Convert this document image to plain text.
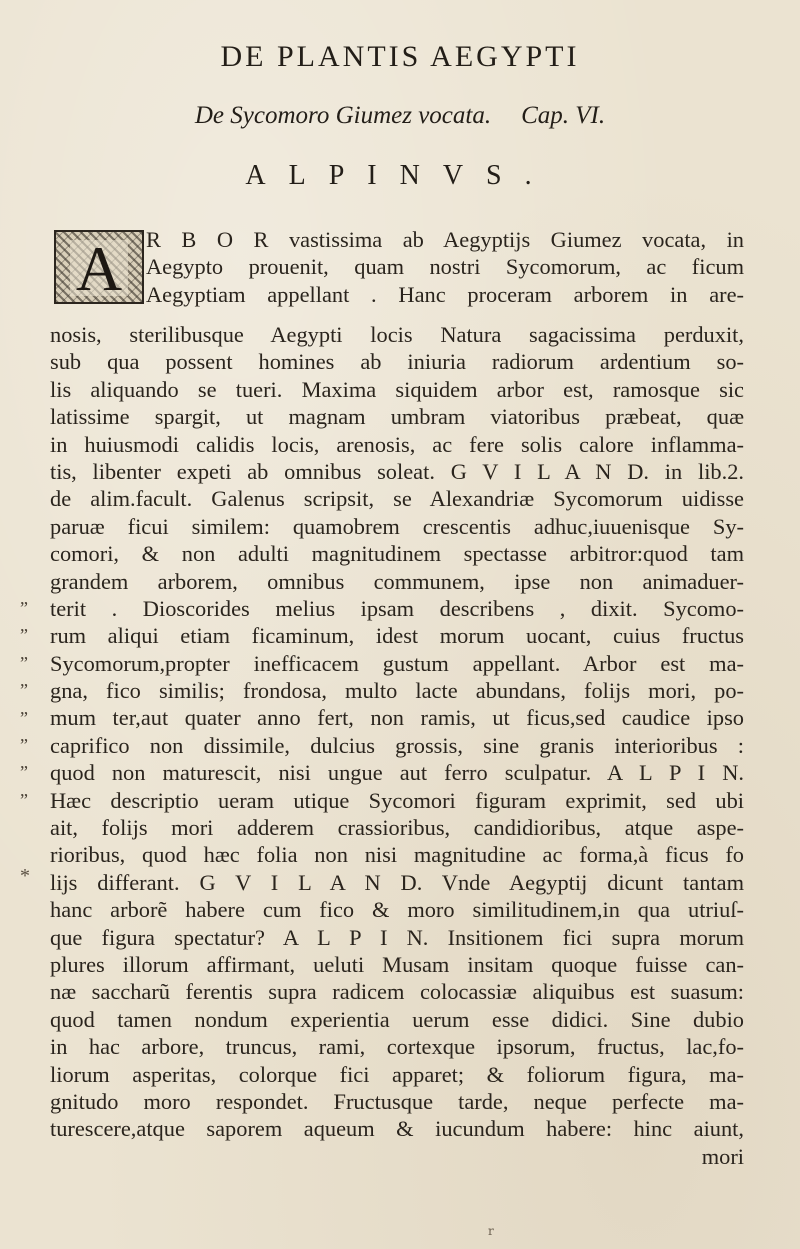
DE PLANTIS AEGYPTI
De Sycomoro Giumez vocata. Cap. VI.
ALPINVS.
A R B O R vastissima ab Aegyptijs Giumez vocata, in
Aegypto prouenit, quam nostri Sycomorum, ac ficum
Aegyptiam appellant . Hanc proceram arborem in are-
nosis, sterilibusque Aegypti locis Natura sagacissima perduxit,
sub qua possent homines ab iniuria radiorum ardentium so-
lis aliquando se tueri. Maxima siquidem arbor est, ramosque sic
latissime spargit, ut magnam umbram viatoribus præbeat, quæ
in huiusmodi calidis locis, arenosis, ac fere solis calore inflamma-
tis, libenter expeti ab omnibus soleat. G V I L A N D. in lib.2.
de alim.facult. Galenus scripsit, se Alexandriæ Sycomorum uidisse
paruæ ficui similem: quamobrem crescentis adhuc,iuuenisque Sy-
comori, & non adulti magnitudinem spectasse arbitror:quod tam
grandem arborem, omnibus communem, ipse non animaduer-
terit . Dioscorides melius ipsam describens , dixit. Sycomo-
rum aliqui etiam ficaminum, idest morum uocant, cuius fructus
Sycomorum,propter inefficacem gustum appellant. Arbor est ma-
gna, fico similis; frondosa, multo lacte abundans, folijs mori, po-
mum ter,aut quater anno fert, non ramis, ut ficus,sed caudice ipso
caprifico non dissimile, dulcius grossis, sine granis interioribus :
quod non maturescit, nisi ungue aut ferro sculpatur. A L P I N.
Hæc descriptio ueram utique Sycomori figuram exprimit, sed ubi
ait, folijs mori adderem crassioribus, candidioribus, atque aspe-
rioribus, quod hæc folia non nisi magnitudine ac forma,à ficus fo
lijs differant. G V I L A N D. Vnde Aegyptij dicunt tantam
hanc arborẽ habere cum fico & moro similitudinem,in qua utriuſ-
que figura spectatur? A L P I N. Insitionem fici supra morum
plures illorum affirmant, ueluti Musam insitam quoque fuisse can-
næ saccharũ ferentis supra radicem colocassiæ aliquibus est suasum:
quod tamen nondum experientia uerum esse didici. Sine dubio
in hac arbore, truncus, rami, cortexque ipsorum, fructus, lac,fo-
liorum asperitas, colorque fici apparet; & foliorum figura, ma-
gnitudo moro respondet. Fructusque tarde, neque perfecte ma-
turescere,atque saporem aqueum & iucundum habere: hinc aiunt,
mori
”
”
”
”
”
”
”
”
*
r
